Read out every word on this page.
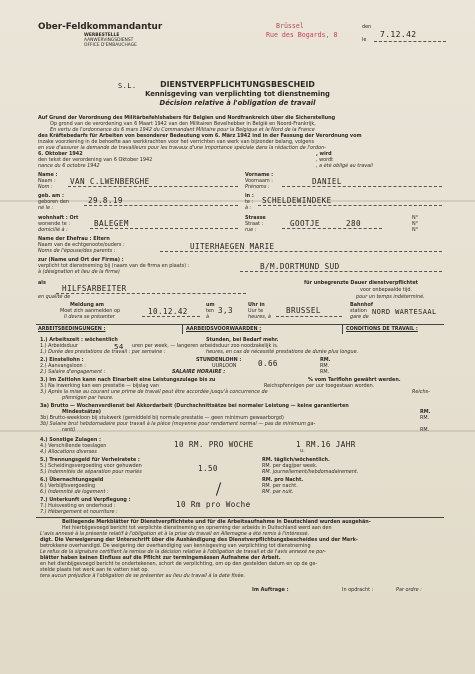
Ober-Feldkommandantur
WERBESTELLE
AANWERVINGSDIENST
OFFICE D'EMBAUCHAGE
Brüssel
Rue des Bogards, 8
den
le
7.12.42
S.L.	DIENSTVERPFLICHTUNGSBESCHEID
Kennisgeving van verplichting tot dienstneming
Décision relative à l'obligation de travail
Auf Grund der Verordnung des Militärbefehlshabers für Belgien und Nordfrankreich über die Sicherstellung
Op grond van de verordening van 6 Maart 1942 van den Militairen Bevelhebber in België en Noord-Frankrijk,
En vertu de l'ordonnance du 6 mars 1942 du Commandant Militaire pour la Belgique et le Nord de la France
des Kräftebedarfs für Arbeiten von besonderer Bedeutung vom 6. März 1942 ind in der Fassung der Verordnung vom
inzake voorziening in de behoefte aan werkkrachten voor het verrichten van werk van bijzonder belang, volgens
en vue d'assurer la demande de travailleurs pour les travaux d'une importance spéciale dans la rédaction de l'ordon-
6. Oktober 1942	, wird
den tekst der verordening van 6 Oktober 1942	, wordt
nance du 6 octobre 1942	, a été obligé au travail
Name :
Naam :
Nom :
VAN C.LWENBERGHE
Vorname :
Voornaam :
Prénoms :
DANIEL
geb. am :
geboren den
né le :
29.8.19	in :
te :
à :
SCHELDEWINDEKE
wohnhaft : Ort
wonende te :
domicilié à :
BALEGEM
Strasse
Straat :
rue :
GOOTJE	280
N°
N°
N°
Name der Ehefrau : Eltern
Naam van de echtgenoote/ouders :
Noms de l'épouse/des parents :	UITERHAEGEN MARIE
zur (Name und Ort der Firma) :
verplicht tot dienstneming bij (naam van de firma en plaats) :
à (désignation et lieu de la firme)
B/M.DORTMUND SUD
als
HILFSARBEITER
en qualité de
für unbegrenzte Dauer dienstverpflichtet
voor onbepaalde tijd.
pour un temps indéterminé.
Meldung am
Moet zich aanmelden op
Il devra se présenter
10.12.42
um
ten
à
3,3
Uhr in
Uur te
heures, à
BRUSSEL
Bahnhof
station
gare de
NORD WARTESAAL
ARBEITSBEDINGUNGEN :	AARBEIDSVOORWAARDEN :	CONDITIONS DE TRAVAIL :
1.) Arbeitszeit : wöchentlich	Stunden, bei Bedarf mehr.
1.) Arbeidsduur	54 uren per week, — langeren arbeidsduur zoo noodzakelijk is.
1.) Durée des prestations de travail : par semaine :	heures, en cas de nécessité prestations de durée plus longue.
2.) Einstellohn :	STUNDENLOHN : 0.66	RM.
2.) Aanvangsloon :	UURLOON	RM.
2.) Salaire d'engagement :	SALAIRE HORAIRE :	RM.
3.) Im Zeitlohn kann nach Einarbeit eine Leistungszulage bis zu	% vom Tariflohn gewährt werden.
3.) Na inwerking kan een prestatie — bijslag van	Reichspfennigen per uur toegestaan worden.
3.) Après la mise au courant une prime de travail peut être accordée jusqu'à concurrence de	Reichs-
pfennigen par heure.
3a) Brutto — Wochenverdienst bei Akkordarbeit (Durchschnittsätze bei normaler Leistung — keine garantierten
Mindestsätze)	RM.
3b) Brutto-weekloon bij stukwerk (gemiddeld bij normale prestatie — geen minimum gewaarborgd)	RM.
3b) Salaire brut hebdomadaire pour travail à la pièce (moyenne pour rendement normal — pas de minimum ga-
ranti)	RM.
4.) Sonstige Zulagen :	10 RM. PRO WOCHE	1 RM.16 JAHR
4.) Verschillende toeslagen
u.
4.) Allocations diverses
5.) Trennungsgeld für Verheiratete :	RM. täglich/wöchentlich.
5.) Scheidingsvergoeding voor gehuwden	1.50	RM. per dag/per week.
5.) Indemnités de séparation pour mariés	RM. journellement/hebdomadairement.
6.) Übernachtungsgeld	RM. pro Nacht.
6.) Verblijfsvergoeding	RM. per nacht.
6.) Indemnité de logement :	RM. par nuit.
7.) Unterkunft und Verpflegung :	10 Rm pro Woche
7.) Huisvesting en onderhoud :
7.) Hébergement et nourriture :
Beiliegende Merkblätter für Dienstverpflichtete und für die Arbeitsaufnahme in Deutschland wurden ausgehän-
Het hierbijgevoegd bericht tot verplichte dienstneming en opneming der arbeids in Duitschland werd aan den
L'avis annexé à la présente relatif à l'obligation et à la prise du travail en Allemagne a été remis à l'intéressé.
digt. Die Verweigerung der Unterschrift über die Aushändigung des Dienstverpflichtungsbescheides und der Merk-
betrokkene overhandigd. De weigering der overhandiging van kennisgeving van verplichting tot dienstneming
Le refus de la signature certifiant la remise de la décision relative à l'obligation de travail et de l'avis annexé ne por-
blätter haben keinen Einfluss auf die Pflicht zur termingemässen Aufnahme der Arbeit.
en het dienbijgevoegd bericht te ondertekenen, schort de verplichting, om op den gestelden datum en op de ge-
stelde plaats het werk aan te vatten niet op.
tera aucun préjudice à l'obligation de se présenter au lieu du travail à la date fixée.
Im Auftrage :	In opdracht :	Par ordre :
